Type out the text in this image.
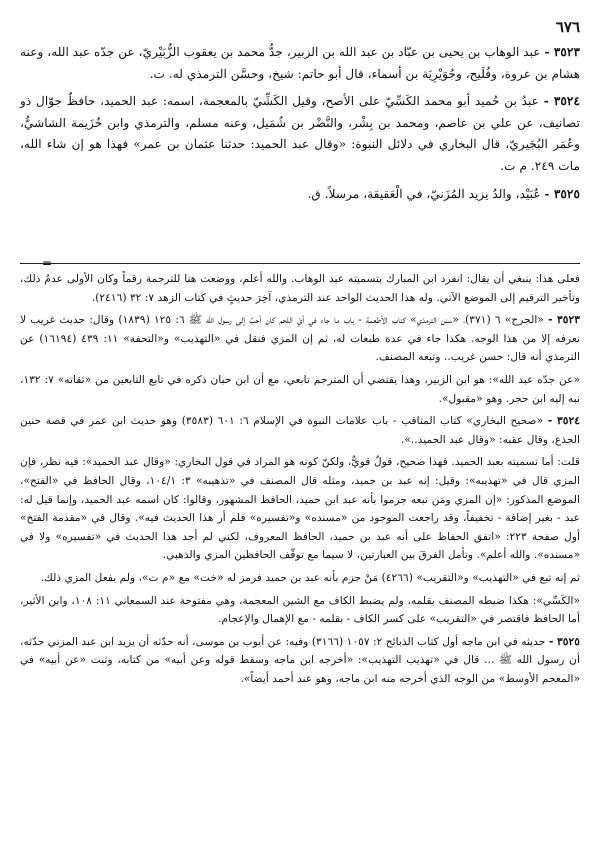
٦٧٦

٣٥٢٣ - عبد الوهاب بن يحيى بن عبّاد بن عبد الله بن الزبير، جدُّ محمد بن يعقوب الزُّبَيْريّ، عن جدّه عبد الله، وعنه هشام بن عروة، وفُلَيح، وجُوَيْرِيَة بن أسماء، قال أبو حاتم: شيخ، وحسَّن الترمذي له. ت.

٣٥٢٤ - عبدُ بن حُميد أبو محمد الكَسِّيّ على الأصح، وقيل الكَشِّيّ بالمعجمة، اسمه: عبد الحميد، حافظٌ جوّال ذو تصانيف، عن علي بن عاصم، ومحمد بن بِشْر، والنَّضْر بن شُمَيل، وعنه مسلم، والترمذي وابن خُزَيمة الشاشيُّ، وعُمَر البُجَيريّ، قال البخاري في دلائل النبوة: «وقال عبد الحميد: حدثنا عثمان بن عمر» فهذا هو إن شاء الله، مات ٢٤٩. م ت.

٣٥٢٥ - عُبَيْد، والدُ يزيد المُزَنيّ، في الْعَقيقة، مرسلاً. ق.

=

فعلى هذا: ينبغي أن يقال: انفرد ابن المبارك بتسميته عبد الوهاب. والله أعلم، ووضعت هنا للترجمة رقماً وكان الأولى عدمُ ذلك، وتأخير الترقيم إلى الموضع الآتي. وله هذا الحديث الواحد عند الترمذي، آخِرَ حديثٍ في كتاب الزهد ٧: ٣٢ (٢٤١٦).

٣٥٢٣ - «الجرح» ٦ (٣٧١)، «سنن الترمذي» كتاب الأطعمة - باب ما جاء في أيّ اللحم كان أحبَّ إلى رسول الله ﷺ ٦: ١٢٥ (١٨٣٩) وقال: حديث غريب لا نعرفه إلا من هذا الوجه. هكذا جاء في عدة طبعات له، ثم إن المزي فنقل في «التهذيب» و«التحفة» ١١: ٤٣٩ (١٦١٩٤) عن الترمذي أنه قال: حسن غريب.. وتبعه المصنف.

«عن جدّه عبد الله»: هو ابن الزبير، وهذا يقتضي أن المترجم تابعي، مع أن ابن حبان ذكره في تابع التابعين من «ثقاته» ٧: ١٣٢، نبه إليه ابن حجر. وهو «مقبول».

٣٥٢٤ - «صحيح البخاري» كتاب المناقب - باب علامات النبوة في الإسلام ٦: ٦٠١ (٣٥٨٣) وهو حديث ابن عمر في قصة حنين الجذع، وقال عقبه: «وقال عبد الحميد..».

قلت: أما تسميته بعبد الحميد. فهذا صحيح، قولٌ قويٌّ، ولكنّ كونه هو المراد في قول البخاري: «وقال عبد الحميد»: فيه نظر، فإن المزي قال في «تهذيبه»: وقيل: إنه عبد بن حميد، ومثله قال المصنف في «تذهيبه» ٣: ١٠٤/١، وقال الحافظ في «الفتح»، الموضع المذكور: «إن المزي ومَن تبعه جزموا بأنه عبد ابن حميد، الحافظ المشهور، وقالوا: كان اسمه عبد الحميد، وإنما قيل له: عبد - بغير إضافة - تخفيفاً، وقد راجعت الموجود من «مسنده» و«تفسيره» فلم أر هذا الحديث فيه». وقال في «مقدمة الفتح» أول صفحة ٢٢٣: «اتفق الحفاظ على أنه عبد بن حميد، الحافظ المعروف، لكني لم أجد هذا الحديث في «تفسيره» ولا في «مسنده». والله أعلم». وتأمل الفرقَ بين العبارتين، لا سيما مع توقّف الحافظين المزي والذهبي.

ثم إنه تبع في «التهذيب» و«التقريب» (٤٢٦٦) مَنْ جزم بأنه عبد بن حميد فرمز له «خت» مع «م ت»، ولم يفعل المزي ذلك.

«الكَسِّي»: هكذا ضبطه المصنف بقلمه، ولم يضبط الكاف مع الشين المعجمة، وهي مفتوحة عند السمعاني ١١: ١٠٨، وابن الأثير، أما الحافظ فاقتصر في «التقريب» على كسر الكاف - بقلمه - مع الإهمال والإعجام.

٣٥٢٥ - حديثه في ابن ماجه أول كتاب الذبائح ٢: ١٠٥٧ (٣١٦٦) وفيه: عن أيوب بن موسى، أنه حدّثه أن يزيد ابن عبد المزني حدّثه، أن رسول الله ﷺ ... قال في «تهذيب التهذيب»: «أخرجه ابن ماجه وسقط قوله وعن أبيه» من كتابه، وثبت «عن أبيه» في «المعجم الأوسط» من الوجه الذي أخرجه منه ابن ماجه، وهو عند أحمد أيضاً».
